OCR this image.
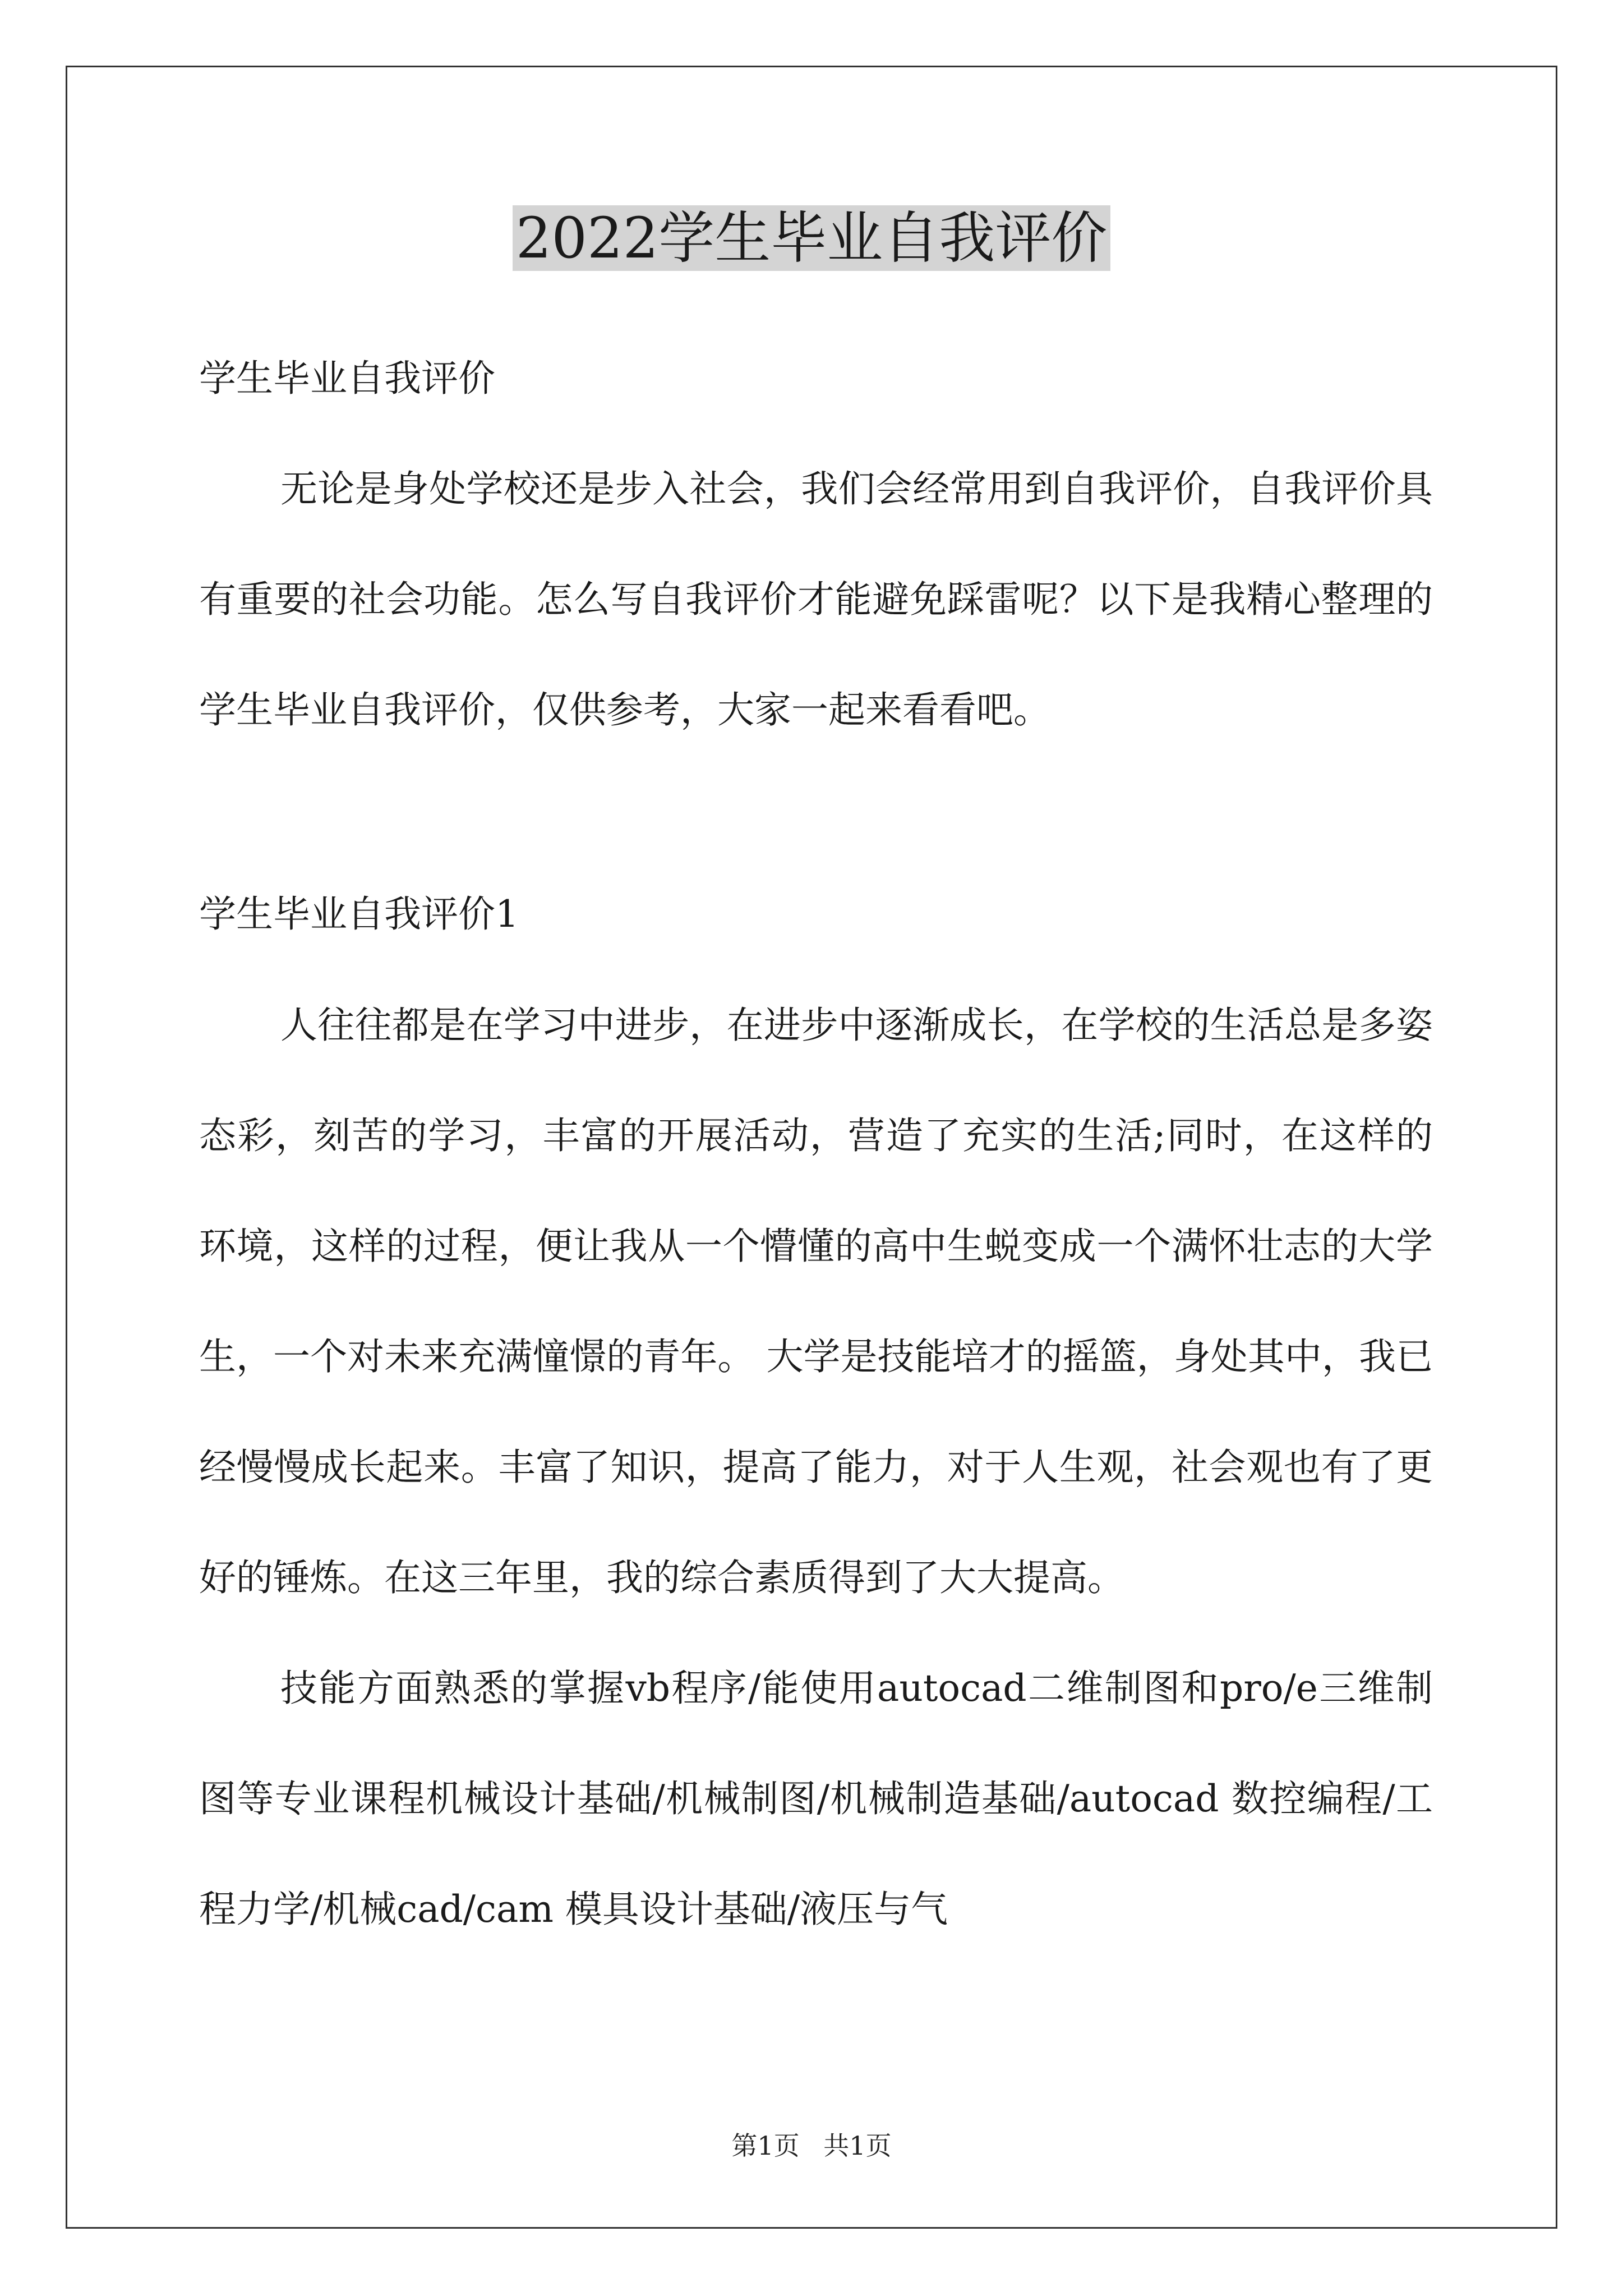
2022学生毕业自我评价
学生毕业自我评价

无论是身处学校还是步入社会，我们会经常用到自我评价，自我评价具有重要的社会功能。怎么写自我评价才能避免踩雷呢？以下是我精心整理的学生毕业自我评价，仅供参考，大家一起来看看吧。

学生毕业自我评价1

人往往都是在学习中进步，在进步中逐渐成长，在学校的生活总是多姿态彩，刻苦的学习，丰富的开展活动，营造了充实的生活;同时，在这样的环境，这样的过程，便让我从一个懵懂的高中生蜕变成一个满怀壮志的大学生，一个对未来充满憧憬的青年。 大学是技能培才的摇篮，身处其中，我已经慢慢成长起来。丰富了知识，提高了能力，对于人生观，社会观也有了更好的锤炼。在这三年里，我的综合素质得到了大大提高。

技能方面熟悉的掌握vb程序/能使用autocad二维制图和pro/e三维制图等专业课程机械设计基础/机械制图/机械制造基础/autocad 数控编程/工程力学/机械cad/cam 模具设计基础/液压与气

第1页 共1页
